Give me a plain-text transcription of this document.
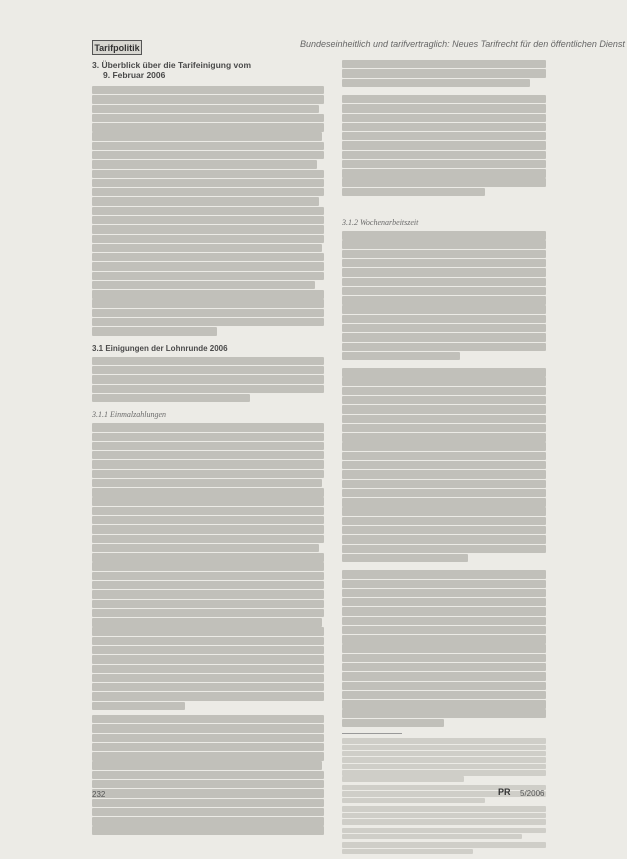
Tarifpolitik	Bundeseinheitlich und tarifvertraglich: Neues Tarifrecht für den öffentlichen Dienst
3. Überblick über die Tarifeinigung vom
9. Februar 2006
3.1 Einigungen der Lohnrunde 2006
3.1.1 Einmalzahlungen
3.1.2 Wochenarbeitszeit
232	PR 5/2006
